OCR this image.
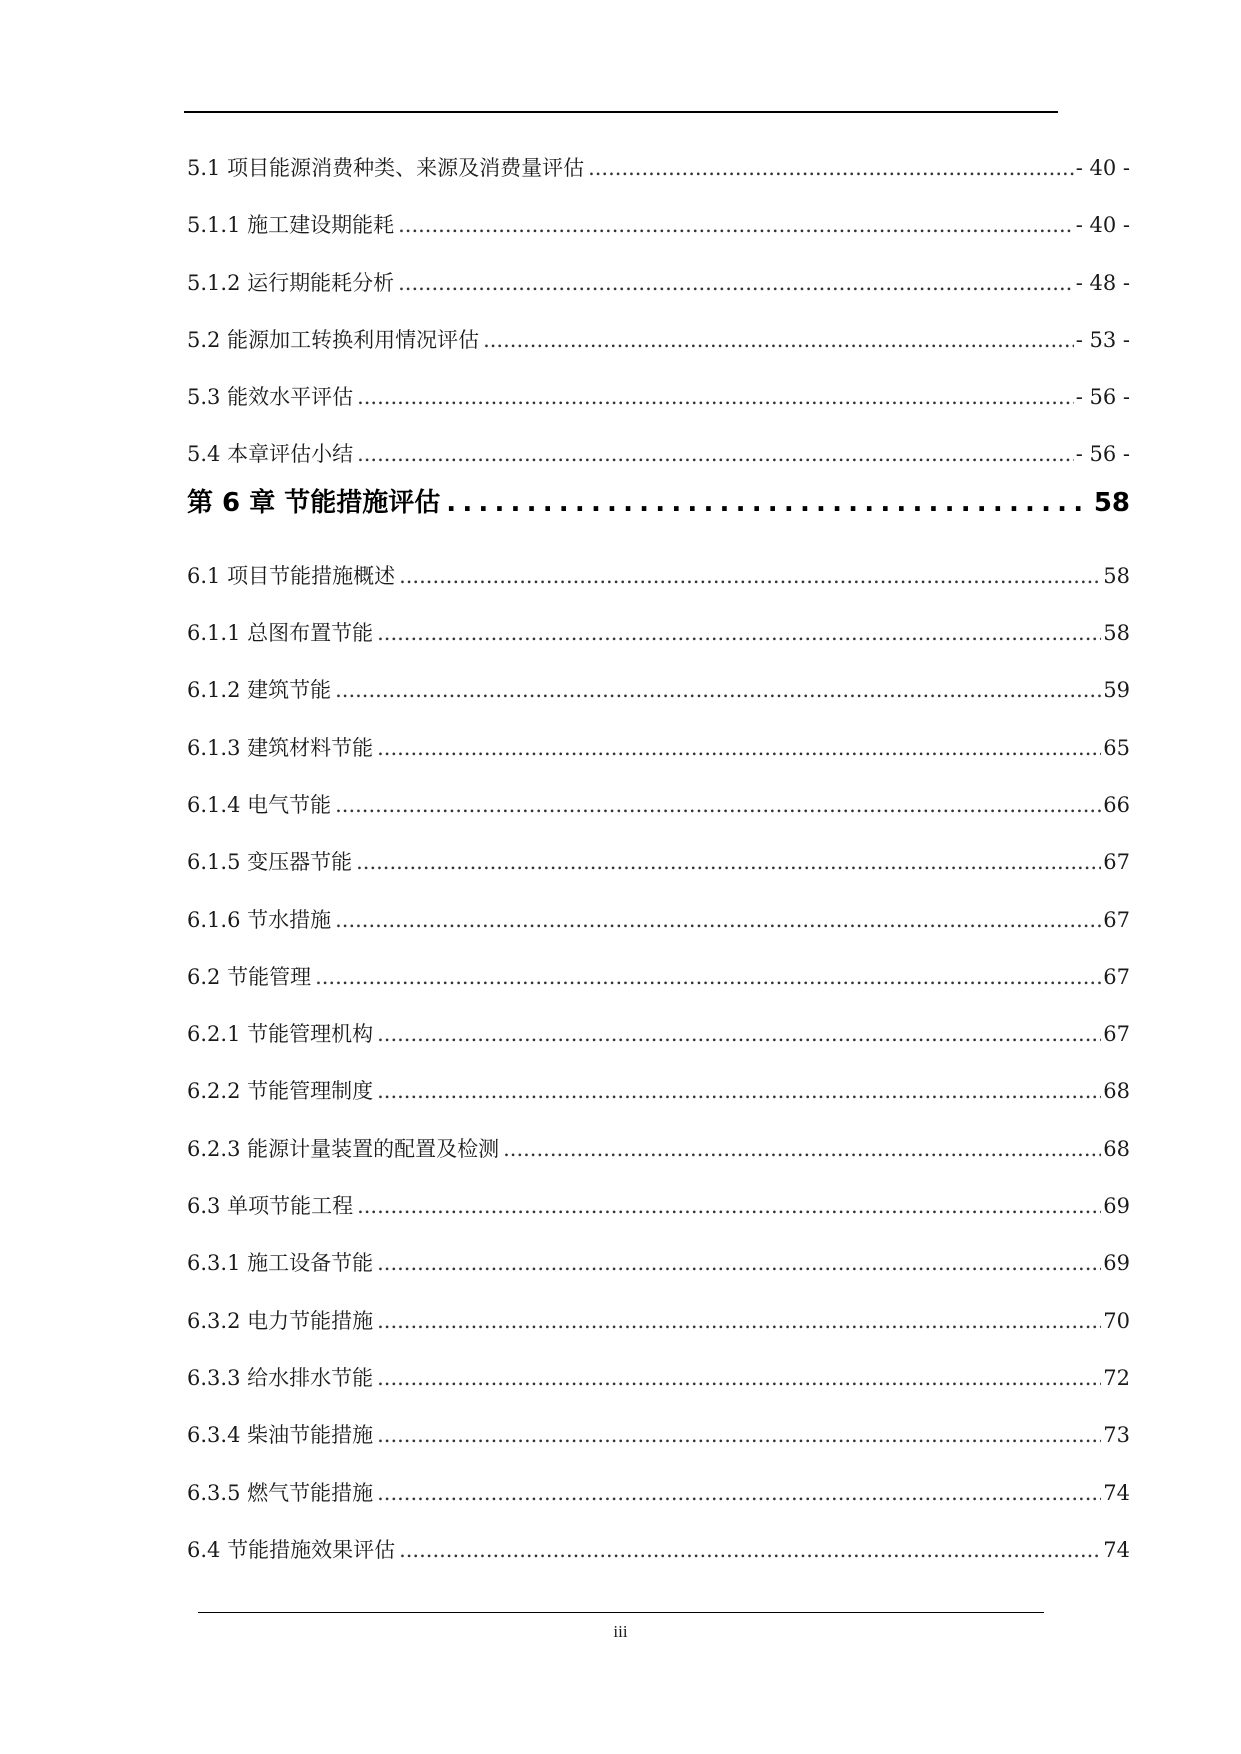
5.1 项目能源消费种类、来源及消费量评估 .....	- 40 -
5.1.1 施工建设期能耗 .....	- 40 -
5.1.2 运行期能耗分析 .....	- 48 -
5.2 能源加工转换利用情况评估 .....	- 53 -
5.3 能效水平评估 .....	- 56 -
5.4 本章评估小结 .....	- 56 -
第 6 章 节能措施评估 .....	58
6.1 项目节能措施概述 .....	58
6.1.1 总图布置节能 .....	58
6.1.2 建筑节能 .....	59
6.1.3 建筑材料节能 .....	65
6.1.4 电气节能 .....	66
6.1.5 变压器节能 .....	67
6.1.6 节水措施 .....	67
6.2 节能管理 .....	67
6.2.1 节能管理机构 .....	67
6.2.2 节能管理制度 .....	68
6.2.3 能源计量装置的配置及检测 .....	68
6.3 单项节能工程 .....	69
6.3.1 施工设备节能 .....	69
6.3.2 电力节能措施 .....	70
6.3.3 给水排水节能 .....	72
6.3.4 柴油节能措施 .....	73
6.3.5 燃气节能措施 .....	74
6.4 节能措施效果评估 .....	74
iii
